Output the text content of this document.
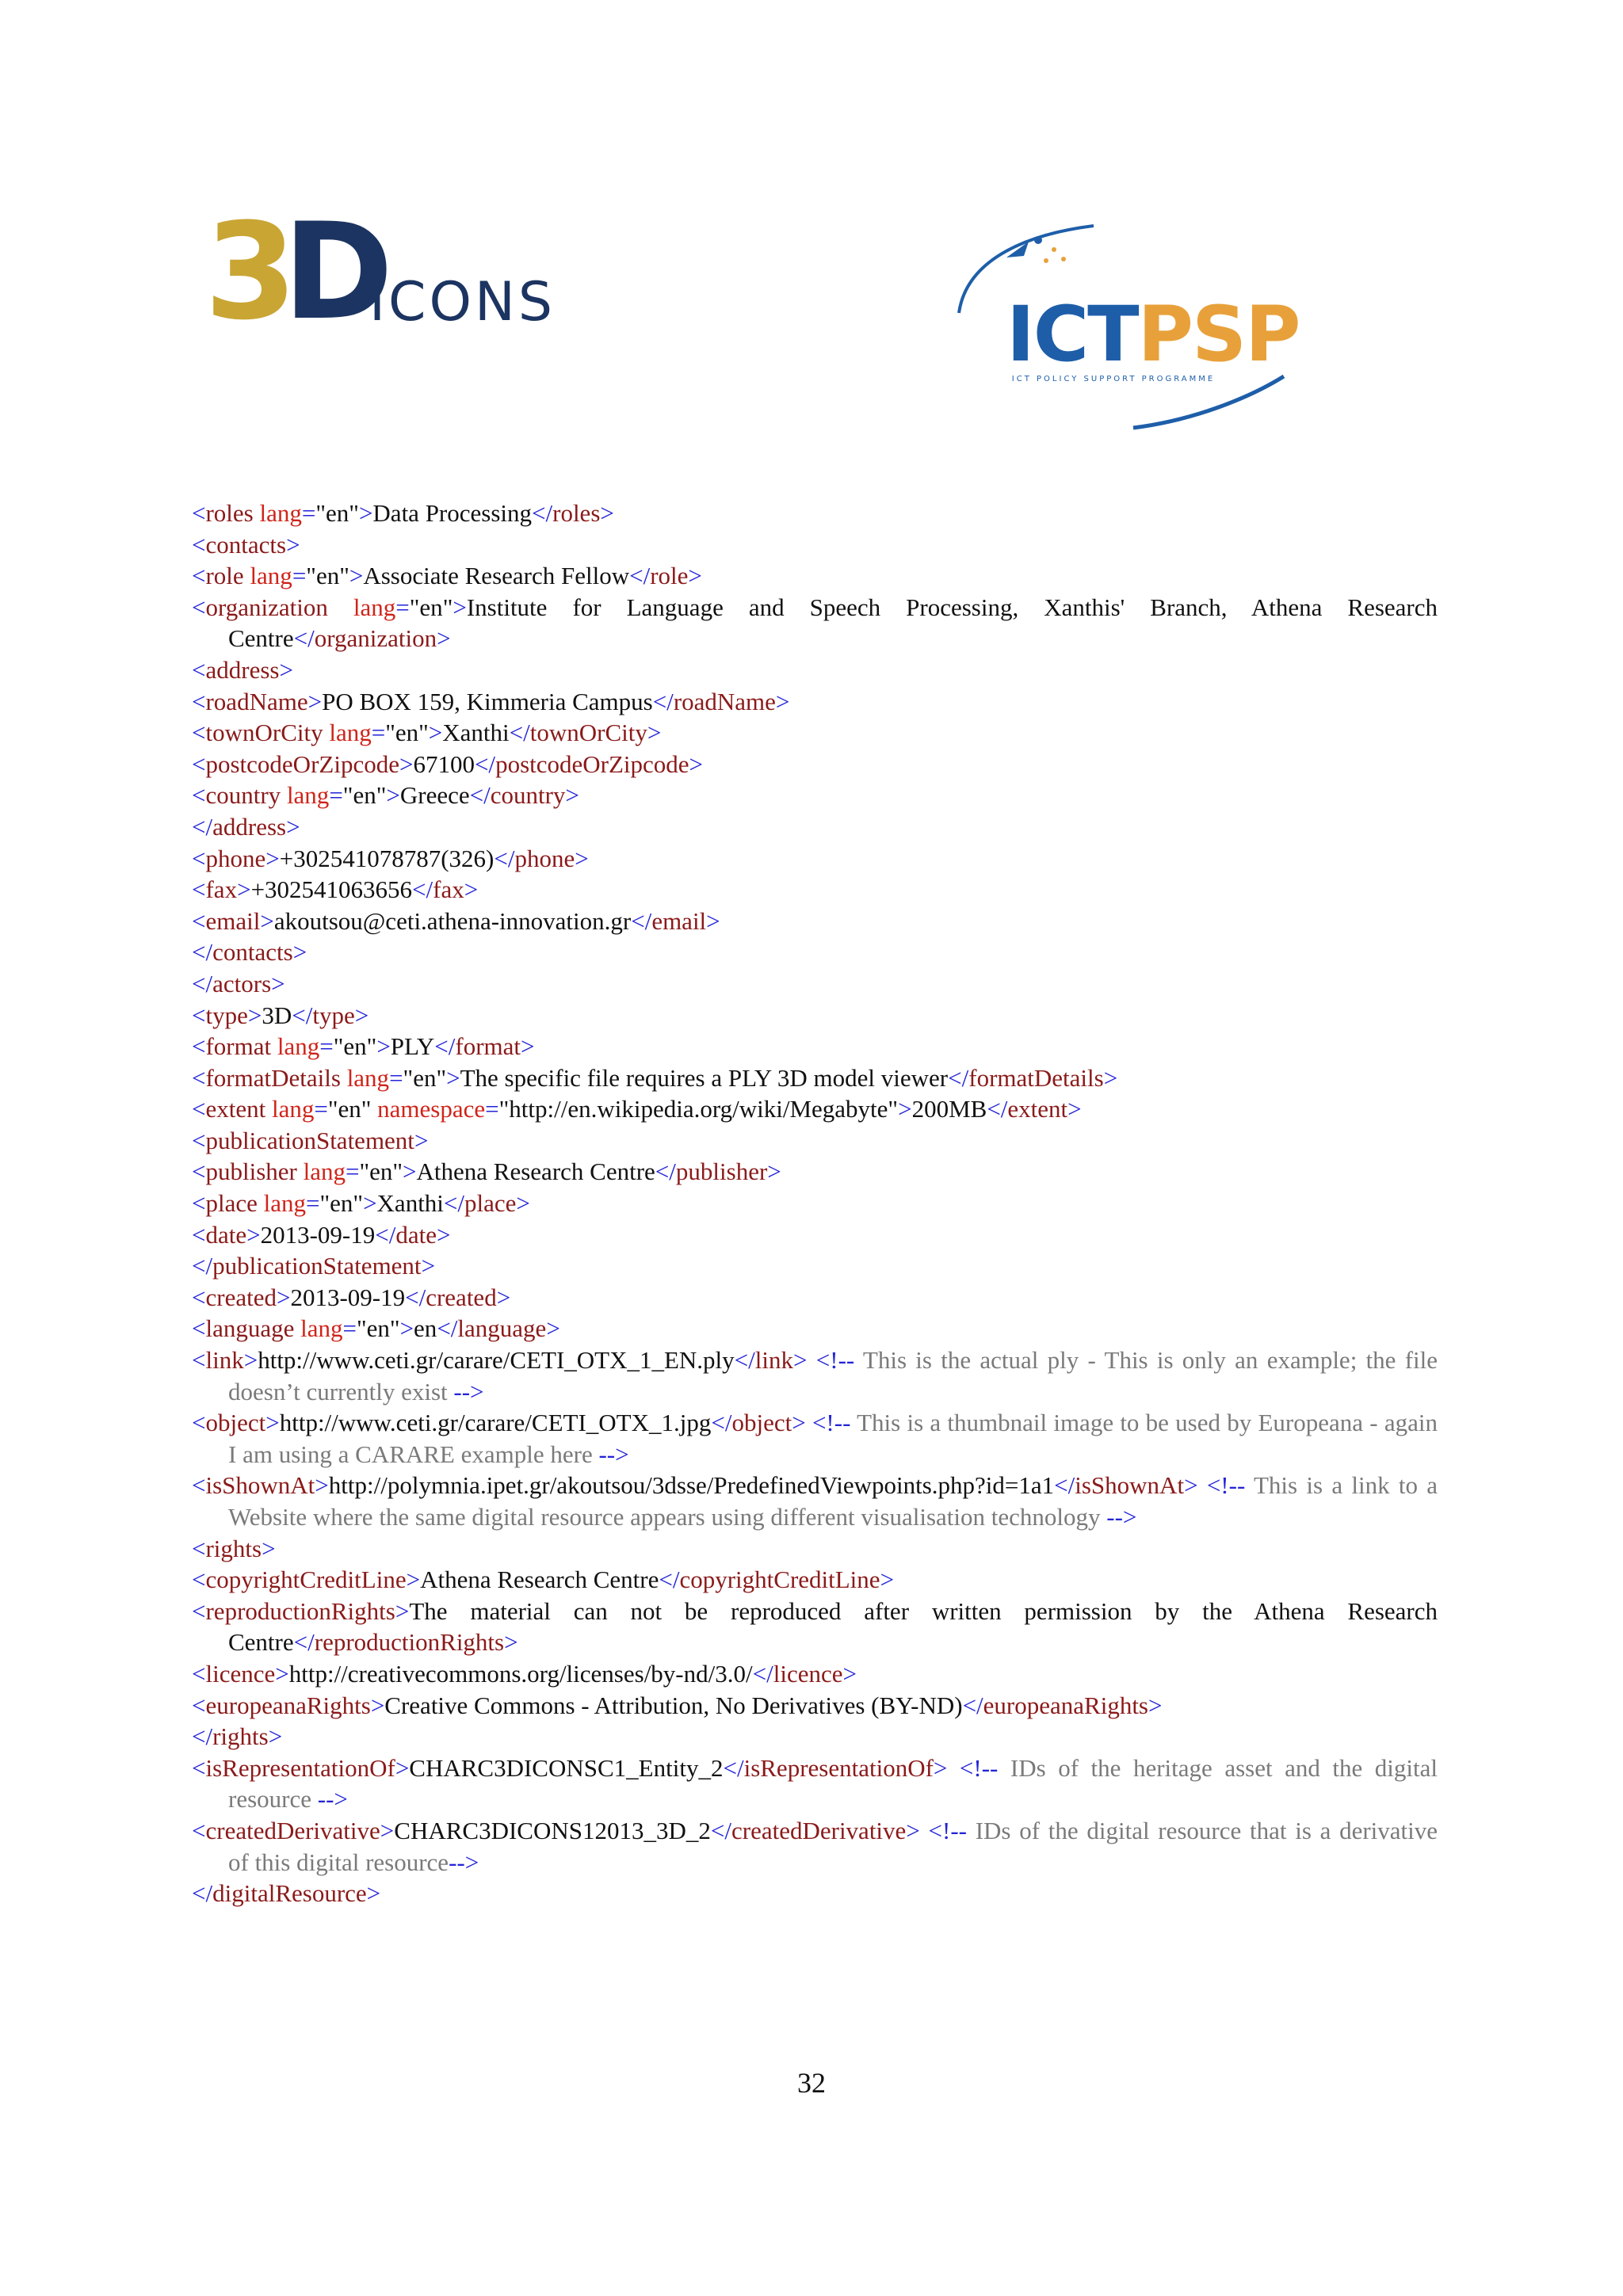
3D
ICONS	ICTPSP
ICT POLICY SUPPORT PROGRAMME
<roles lang="en">Data Processing</roles>
<contacts>
<role lang="en">Associate Research Fellow</role>
<organization lang="en">Institute for Language and Speech Processing, Xanthis' Branch, Athena Research Centre</organization>
<address>
<roadName>PO BOX 159, Kimmeria Campus</roadName>
<townOrCity lang="en">Xanthi</townOrCity>
<postcodeOrZipcode>67100</postcodeOrZipcode>
<country lang="en">Greece</country>
</address>
<phone>+302541078787(326)</phone>
<fax>+302541063656</fax>
<email>akoutsou@ceti.athena-innovation.gr</email>
</contacts>
</actors>
<type>3D</type>
<format lang="en">PLY</format>
<formatDetails lang="en">The specific file requires a PLY 3D model viewer</formatDetails>
<extent lang="en" namespace="http://en.wikipedia.org/wiki/Megabyte">200MB</extent>
<publicationStatement>
<publisher lang="en">Athena Research Centre</publisher>
<place lang="en">Xanthi</place>
<date>2013-09-19</date>
</publicationStatement>
<created>2013-09-19</created>
<language lang="en">en</language>
<link>http://www.ceti.gr/carare/CETI_OTX_1_EN.ply</link> <!-- This is the actual ply - This is only an example; the file doesn’t currently exist -->
<object>http://www.ceti.gr/carare/CETI_OTX_1.jpg</object> <!-- This is a thumbnail image to be used by Europeana - again I am using a CARARE example here -->
<isShownAt>http://polymnia.ipet.gr/akoutsou/3dsse/PredefinedViewpoints.php?id=1a1</isShownAt> <!-- This is a link to a Website where the same digital resource appears using different visualisation technology -->
<rights>
<copyrightCreditLine>Athena Research Centre</copyrightCreditLine>
<reproductionRights>The material can not be reproduced after written permission by the Athena Research Centre</reproductionRights>
<licence>http://creativecommons.org/licenses/by-nd/3.0/</licence>
<europeanaRights>Creative Commons - Attribution, No Derivatives (BY-ND)</europeanaRights>
</rights>
<isRepresentationOf>CHARC3DICONSC1_Entity_2</isRepresentationOf> <!-- IDs of the heritage asset and the digital resource -->
<createdDerivative>CHARC3DICONS12013_3D_2</createdDerivative> <!-- IDs of the digital resource that is a derivative of this digital resource-->
</digitalResource>
32
